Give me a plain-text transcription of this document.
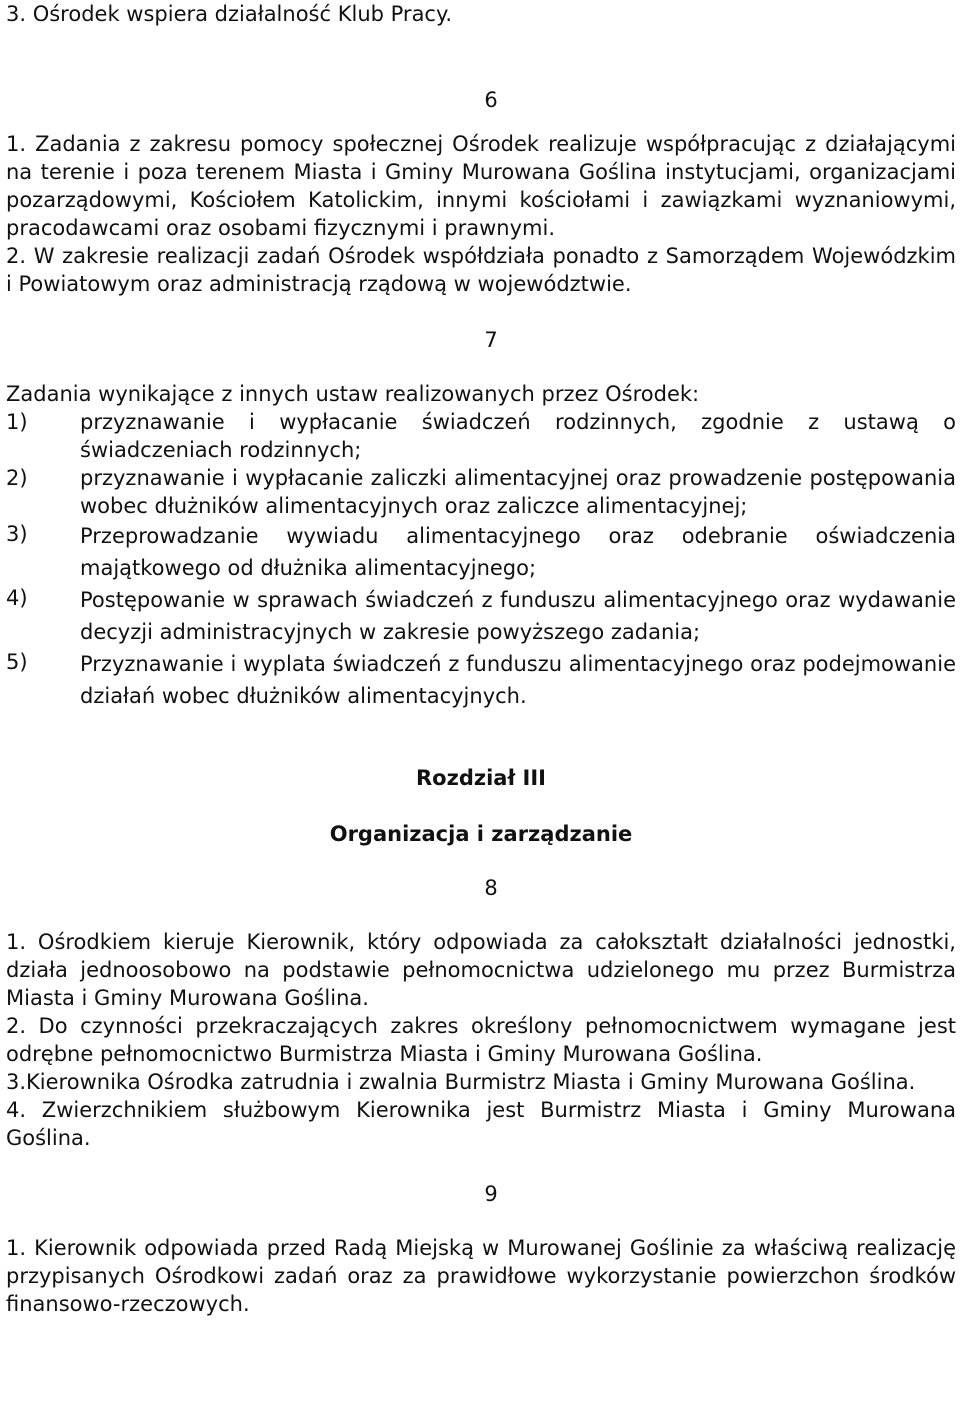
3. Ośrodek wspiera działalność Klub Pracy.

6

1. Zadania z zakresu pomocy społecznej Ośrodek realizuje współpracując z działającymi na terenie i poza terenem Miasta i Gminy Murowana Goślina instytucjami, organizacjami pozarządowymi, Kościołem Katolickim, innymi kościołami i zawiązkami wyznaniowymi, pracodawcami oraz osobami fizycznymi i prawnymi.

2. W zakresie realizacji zadań Ośrodek współdziała ponadto z Samorządem Wojewódzkim i Powiatowym oraz administracją rządową w województwie.

7

Zadania wynikające z innych ustaw realizowanych przez Ośrodek:

1)	przyznawanie i wypłacanie świadczeń rodzinnych, zgodnie z ustawą o świadczeniach rodzinnych;
2)	przyznawanie i wypłacanie zaliczki alimentacyjnej oraz prowadzenie postępowania wobec dłużników alimentacyjnych oraz zaliczce alimentacyjnej;
3)	Przeprowadzanie wywiadu alimentacyjnego oraz odebranie oświadczenia majątkowego od dłużnika alimentacyjnego;
4)	Postępowanie w sprawach świadczeń z funduszu alimentacyjnego oraz wydawanie decyzji administracyjnych w zakresie powyższego zadania;
5)	Przyznawanie i wyplata świadczeń z funduszu alimentacyjnego oraz podejmowanie działań wobec dłużników alimentacyjnych.

Rozdział III

Organizacja i zarządzanie

8

1. Ośrodkiem kieruje Kierownik, który odpowiada za całokształt działalności jednostki, działa jednoosobowo na podstawie pełnomocnictwa udzielonego mu przez Burmistrza Miasta i Gminy Murowana Goślina.

2. Do czynności przekraczających zakres określony pełnomocnictwem wymagane jest odrębne pełnomocnictwo Burmistrza Miasta i Gminy Murowana Goślina.

3.Kierownika Ośrodka zatrudnia i zwalnia Burmistrz Miasta i Gminy Murowana Goślina.

4. Zwierzchnikiem służbowym Kierownika jest Burmistrz Miasta i Gminy Murowana Goślina.

9

1. Kierownik odpowiada przed Radą Miejską w Murowanej Goślinie za właściwą realizację przypisanych Ośrodkowi zadań oraz za prawidłowe wykorzystanie powierzchon środków finansowo-rzeczowych.
